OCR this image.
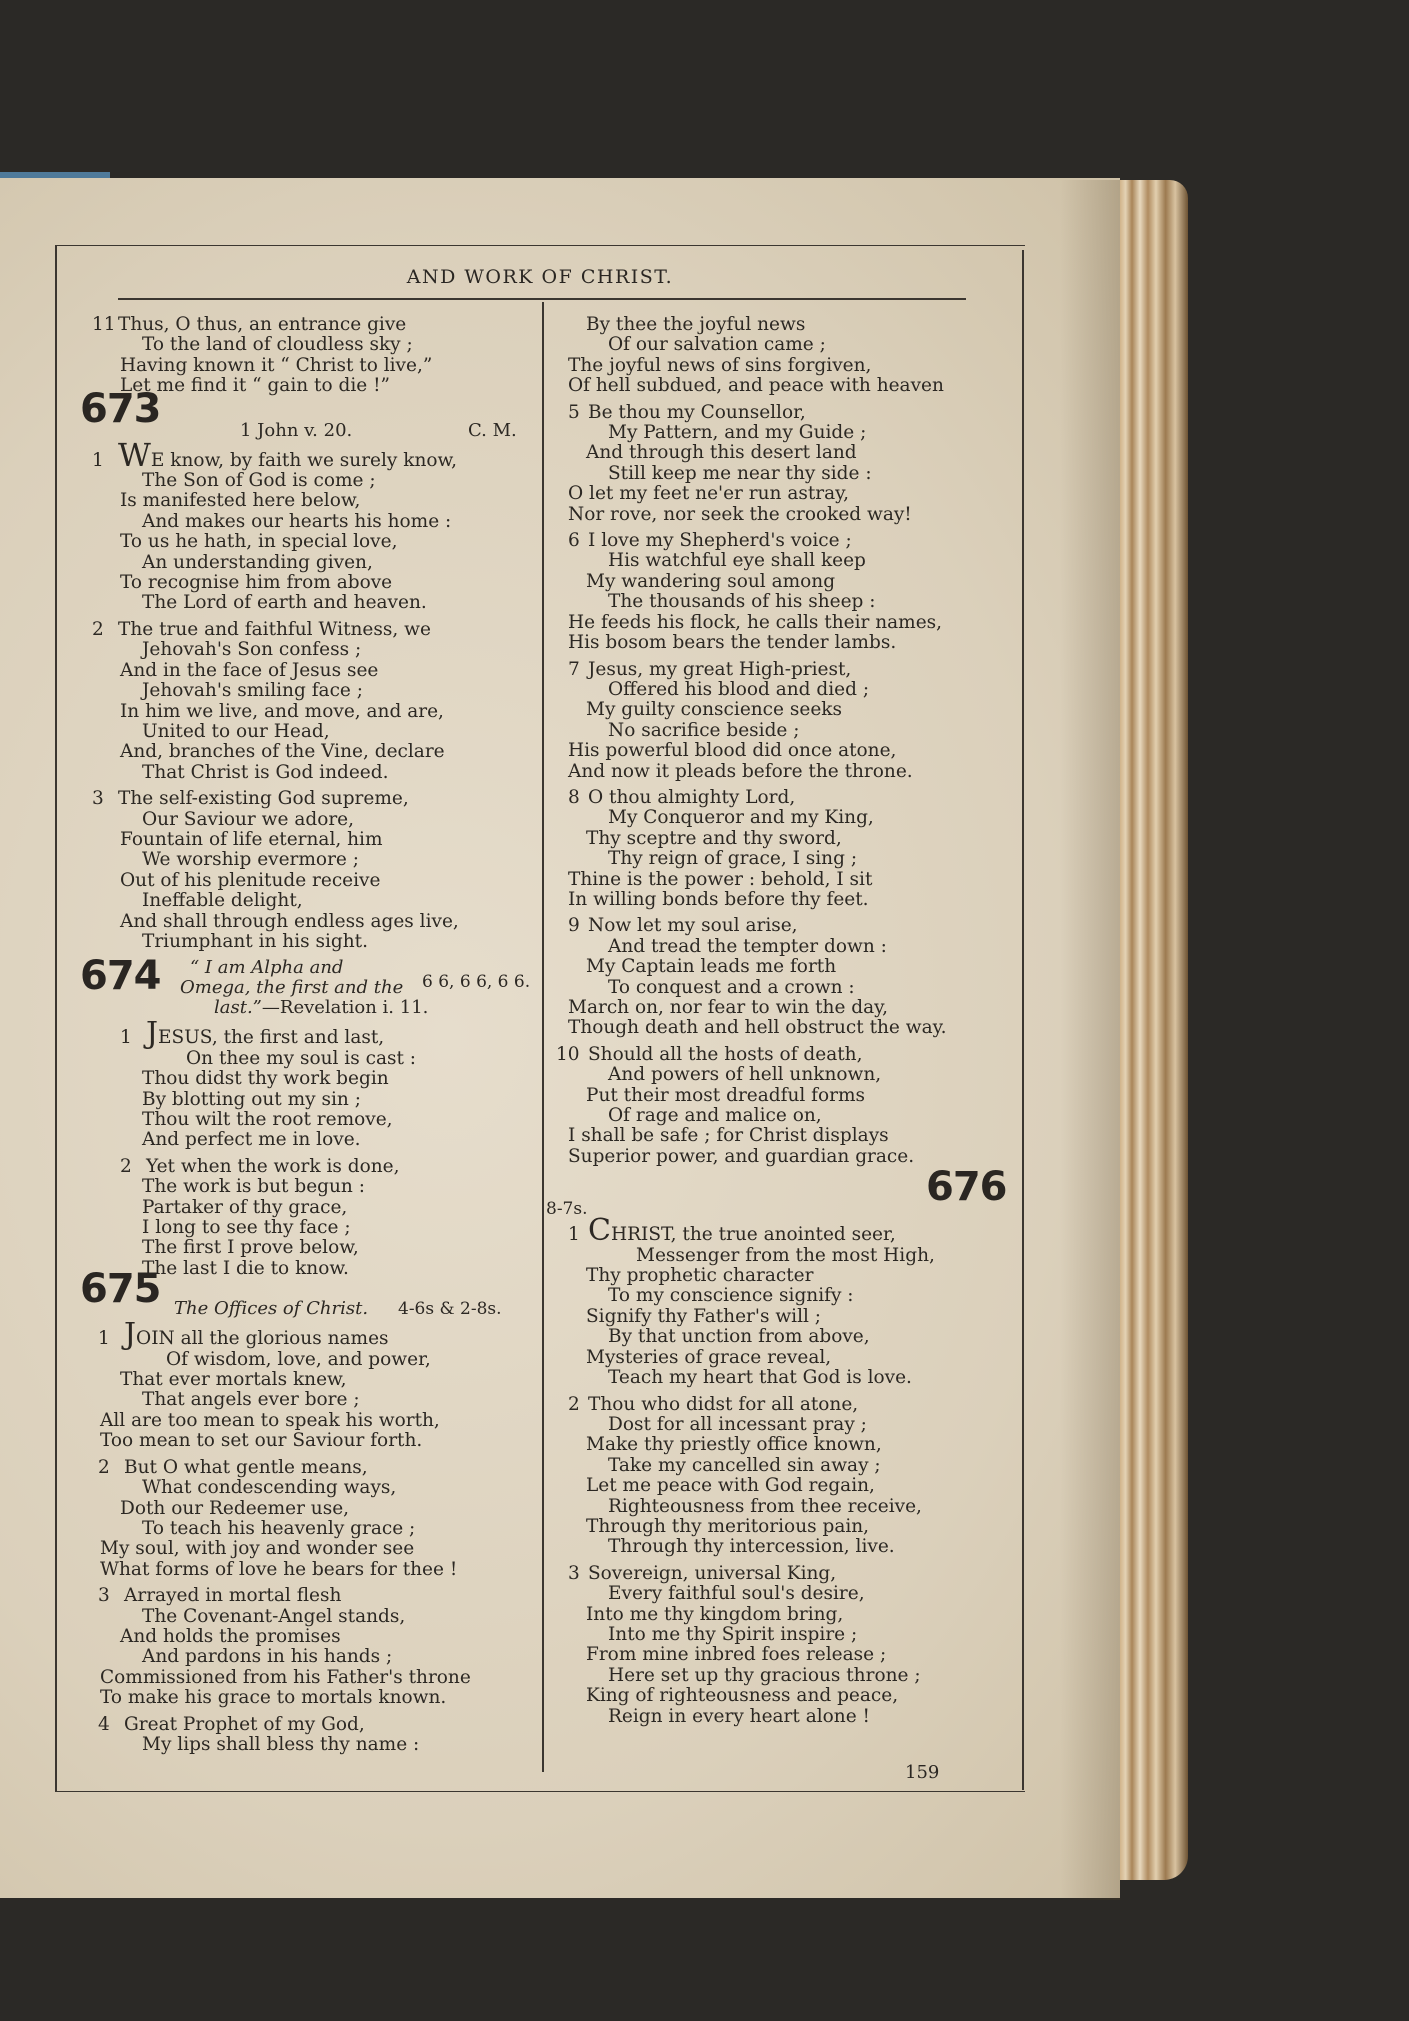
AND WORK OF CHRIST.
11 Thus, O thus, an entrance give
To the land of cloudless sky ;
Having known it “ Christ to live,”
Let me find it “ gain to die !”
673	1 John v. 20.	C. M.
1 WE know, by faith we surely know,
The Son of God is come ;
Is manifested here below,
And makes our hearts his home :
To us he hath, in special love,
An understanding given,
To recognise him from above
The Lord of earth and heaven.
2 The true and faithful Witness, we
Jehovah's Son confess ;
And in the face of Jesus see
Jehovah's smiling face ;
In him we live, and move, and are,
United to our Head,
And, branches of the Vine, declare
That Christ is God indeed.
3 The self-existing God supreme,
Our Saviour we adore,
Fountain of life eternal, him
We worship evermore ;
Out of his plenitude receive
Ineffable delight,
And shall through endless ages live,
Triumphant in his sight.
674 “ I am Alpha and
Omega, the first and the
last.”—Revelation i. 11.
6 6, 6 6, 6 6.
1 JESUS, the first and last,
On thee my soul is cast :
Thou didst thy work begin
By blotting out my sin ;
Thou wilt the root remove,
And perfect me in love.
2 Yet when the work is done,
The work is but begun :
Partaker of thy grace,
I long to see thy face ;
The first I prove below,
The last I die to know.
675 The Offices of Christ. 4-6s & 2-8s.
1 JOIN all the glorious names
Of wisdom, love, and power,
That ever mortals knew,
That angels ever bore ;
All are too mean to speak his worth,
Too mean to set our Saviour forth.
2 But O what gentle means,
What condescending ways,
Doth our Redeemer use,
To teach his heavenly grace ;
My soul, with joy and wonder see
What forms of love he bears for thee !
3 Arrayed in mortal flesh
The Covenant-Angel stands,
And holds the promises
And pardons in his hands ;
Commissioned from his Father's throne
To make his grace to mortals known.
4 Great Prophet of my God,
My lips shall bless thy name :
By thee the joyful news
Of our salvation came ;
The joyful news of sins forgiven,
Of hell subdued, and peace with heaven
5 Be thou my Counsellor,
My Pattern, and my Guide ;
And through this desert land
Still keep me near thy side :
O let my feet ne'er run astray,
Nor rove, nor seek the crooked way!
6 I love my Shepherd's voice ;
His watchful eye shall keep
My wandering soul among
The thousands of his sheep :
He feeds his flock, he calls their names,
His bosom bears the tender lambs.
7 Jesus, my great High-priest,
Offered his blood and died ;
My guilty conscience seeks
No sacrifice beside ;
His powerful blood did once atone,
And now it pleads before the throne.
8 O thou almighty Lord,
My Conqueror and my King,
Thy sceptre and thy sword,
Thy reign of grace, I sing ;
Thine is the power : behold, I sit
In willing bonds before thy feet.
9 Now let my soul arise,
And tread the tempter down :
My Captain leads me forth
To conquest and a crown :
March on, nor fear to win the day,
Though death and hell obstruct the way.
10 Should all the hosts of death,
And powers of hell unknown,
Put their most dreadful forms
Of rage and malice on,
I shall be safe ; for Christ displays
Superior power, and guardian grace.
8-7s.	676
1 CHRIST, the true anointed seer,
Messenger from the most High,
Thy prophetic character
To my conscience signify :
Signify thy Father's will ;
By that unction from above,
Mysteries of grace reveal,
Teach my heart that God is love.
2 Thou who didst for all atone,
Dost for all incessant pray ;
Make thy priestly office known,
Take my cancelled sin away ;
Let me peace with God regain,
Righteousness from thee receive,
Through thy meritorious pain,
Through thy intercession, live.
3 Sovereign, universal King,
Every faithful soul's desire,
Into me thy kingdom bring,
Into me thy Spirit inspire ;
From mine inbred foes release ;
Here set up thy gracious throne ;
King of righteousness and peace,
Reign in every heart alone !
159
